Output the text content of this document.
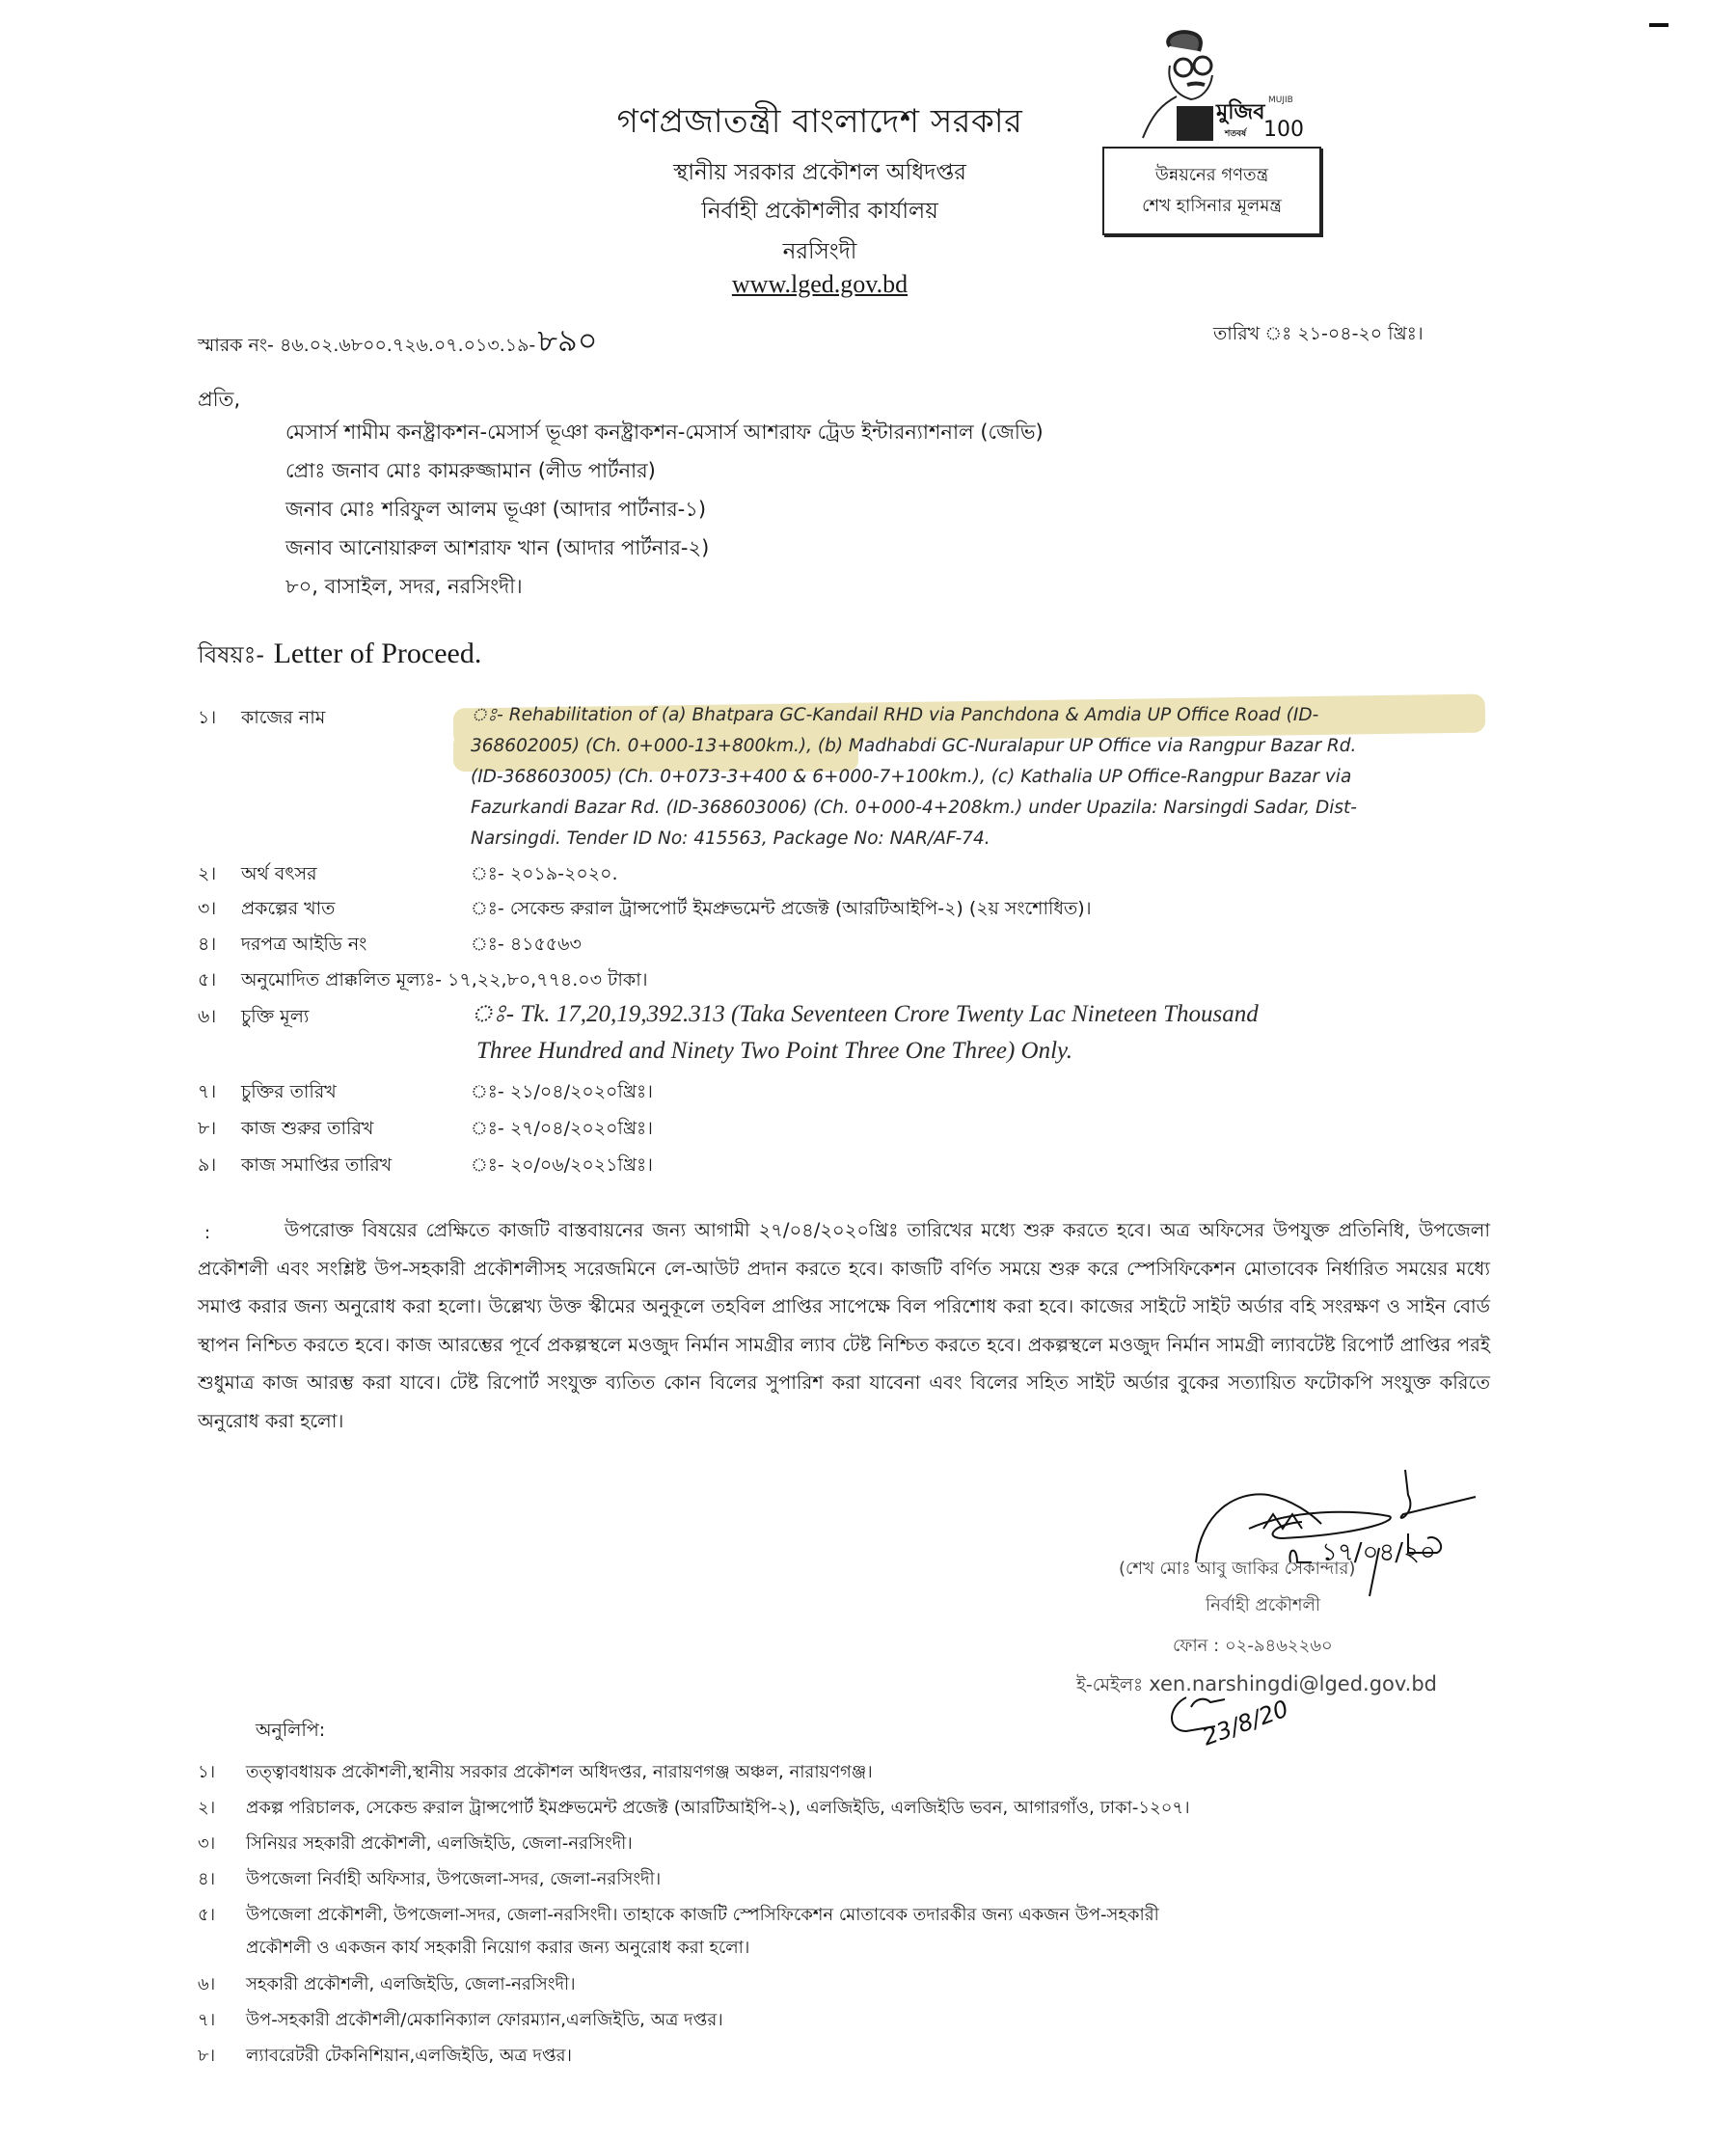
গণপ্রজাতন্ত্রী বাংলাদেশ সরকার
স্থানীয় সরকার প্রকৌশল অধিদপ্তর
নির্বাহী প্রকৌশলীর কার্যালয়
নরসিংদী
www.lged.gov.bd
মুজিব MUJIB
শতবর্ষ 100
উন্নয়নের গণতন্ত্র
শেখ হাসিনার মূলমন্ত্র
স্মারক নং- ৪৬.০২.৬৮০০.৭২৬.০৭.০১৩.১৯-৮৯০	তারিখ ঃ ২১-০৪-২০ খ্রিঃ।
প্রতি,
মেসার্স শামীম কনষ্ট্রাকশন-মেসার্স ভূঞা কনষ্ট্রাকশন-মেসার্স আশরাফ ট্রেড ইন্টারন্যাশনাল (জেভি)
প্রোঃ জনাব মোঃ কামরুজ্জামান (লীড পার্টনার)
জনাব মোঃ শরিফুল আলম ভূঞা (আদার পার্টনার-১)
জনাব আনোয়ারুল আশরাফ খান (আদার পার্টনার-২)
৮০, বাসাইল, সদর, নরসিংদী।
বিষয়ঃ- Letter of Proceed.
১।	কাজের নাম	ঃ- Rehabilitation of (a) Bhatpara GC-Kandail RHD via Panchdona & Amdia UP Office Road (ID-
368602005) (Ch. 0+000-13+800km.), (b) Madhabdi GC-Nuralapur UP Office via Rangpur Bazar Rd.
(ID-368603005) (Ch. 0+073-3+400 & 6+000-7+100km.), (c) Kathalia UP Office-Rangpur Bazar via
Fazurkandi Bazar Rd. (ID-368603006) (Ch. 0+000-4+208km.) under Upazila: Narsingdi Sadar, Dist-
Narsingdi. Tender ID No: 415563, Package No: NAR/AF-74.
২।	অর্থ বৎসর	ঃ- ২০১৯-২০২০.
৩।	প্রকল্পের খাত	ঃ- সেকেন্ড রুরাল ট্রান্সপোর্ট ইমপ্রুভমেন্ট প্রজেক্ট (আরটিআইপি-২) (২য় সংশোধিত)।
৪।	দরপত্র আইডি নং	ঃ- ৪১৫৫৬৩
৫।	অনুমোদিত প্রাক্কলিত মূল্যঃ- ১৭,২২,৮০,৭৭৪.০৩ টাকা।
৬।	চুক্তি মূল্য	ঃ- Tk. 17,20,19,392.313 (Taka Seventeen Crore Twenty Lac Nineteen Thousand
Three Hundred and Ninety Two Point Three One Three) Only.
৭।	চুক্তির তারিখ	ঃ- ২১/০৪/২০২০খ্রিঃ।
৮।	কাজ শুরুর তারিখ	ঃ- ২৭/০৪/২০২০খ্রিঃ।
৯।	কাজ সমাপ্তির তারিখ	ঃ- ২০/০৬/২০২১খ্রিঃ।
:	উপরোক্ত বিষয়ের প্রেক্ষিতে কাজটি বাস্তবায়নের জন্য আগামী ২৭/০৪/২০২০খ্রিঃ তারিখের মধ্যে শুরু করতে হবে। অত্র অফিসের উপযুক্ত প্রতিনিধি, উপজেলা প্রকৌশলী এবং সংশ্লিষ্ট উপ-সহকারী প্রকৌশলীসহ সরেজমিনে লে-আউট প্রদান করতে হবে। কাজটি বর্ণিত সময়ে শুরু করে স্পেসিফিকেশন মোতাবেক নির্ধারিত সময়ের মধ্যে সমাপ্ত করার জন্য অনুরোধ করা হলো। উল্লেখ্য উক্ত স্কীমের অনুকূলে তহবিল প্রাপ্তির সাপেক্ষে বিল পরিশোধ করা হবে। কাজের সাইটে সাইট অর্ডার বহি সংরক্ষণ ও সাইন বোর্ড স্থাপন নিশ্চিত করতে হবে। কাজ আরম্ভের পূর্বে প্রকল্পস্থলে মওজুদ নির্মান সামগ্রীর ল্যাব টেষ্ট নিশ্চিত করতে হবে। প্রকল্পস্থলে মওজুদ নির্মান সামগ্রী ল্যাবটেষ্ট রিপোর্ট প্রাপ্তির পরই শুধুমাত্র কাজ আরম্ভ করা যাবে। টেষ্ট রিপোর্ট সংযুক্ত ব্যতিত কোন বিলের সুপারিশ করা যাবেনা এবং বিলের সহিত সাইট অর্ডার বুকের সত্যায়িত ফটোকপি সংযুক্ত করিতে অনুরোধ করা হলো।
১৭/০৪/২০
(শেখ মোঃ আবু জাকির সেকান্দার)
নির্বাহী প্রকৌশলী
ফোন : ০২-৯৪৬২২৬০
ই-মেইলঃ xen.narshingdi@lged.gov.bd
23/8/20
অনুলিপি:
১। তত্ত্বাবধায়ক প্রকৌশলী,স্থানীয় সরকার প্রকৌশল অধিদপ্তর, নারায়ণগঞ্জ অঞ্চল, নারায়ণগঞ্জ।
২। প্রকল্প পরিচালক, সেকেন্ড রুরাল ট্রান্সপোর্ট ইমপ্রুভমেন্ট প্রজেক্ট (আরটিআইপি-২), এলজিইডি, এলজিইডি ভবন, আগারগাঁও, ঢাকা-১২০৭।
৩। সিনিয়র সহকারী প্রকৌশলী, এলজিইডি, জেলা-নরসিংদী।
৪। উপজেলা নির্বাহী অফিসার, উপজেলা-সদর, জেলা-নরসিংদী।
৫। উপজেলা প্রকৌশলী, উপজেলা-সদর, জেলা-নরসিংদী। তাহাকে কাজটি স্পেসিফিকেশন মোতাবেক তদারকীর জন্য একজন উপ-সহকারী
প্রকৌশলী ও একজন কার্য সহকারী নিয়োগ করার জন্য অনুরোধ করা হলো।
৬। সহকারী প্রকৌশলী, এলজিইডি, জেলা-নরসিংদী।
৭। উপ-সহকারী প্রকৌশলী/মেকানিক্যাল ফোরম্যান,এলজিইডি, অত্র দপ্তর।
৮। ল্যাবরেটরী টেকনিশিয়ান,এলজিইডি, অত্র দপ্তর।
